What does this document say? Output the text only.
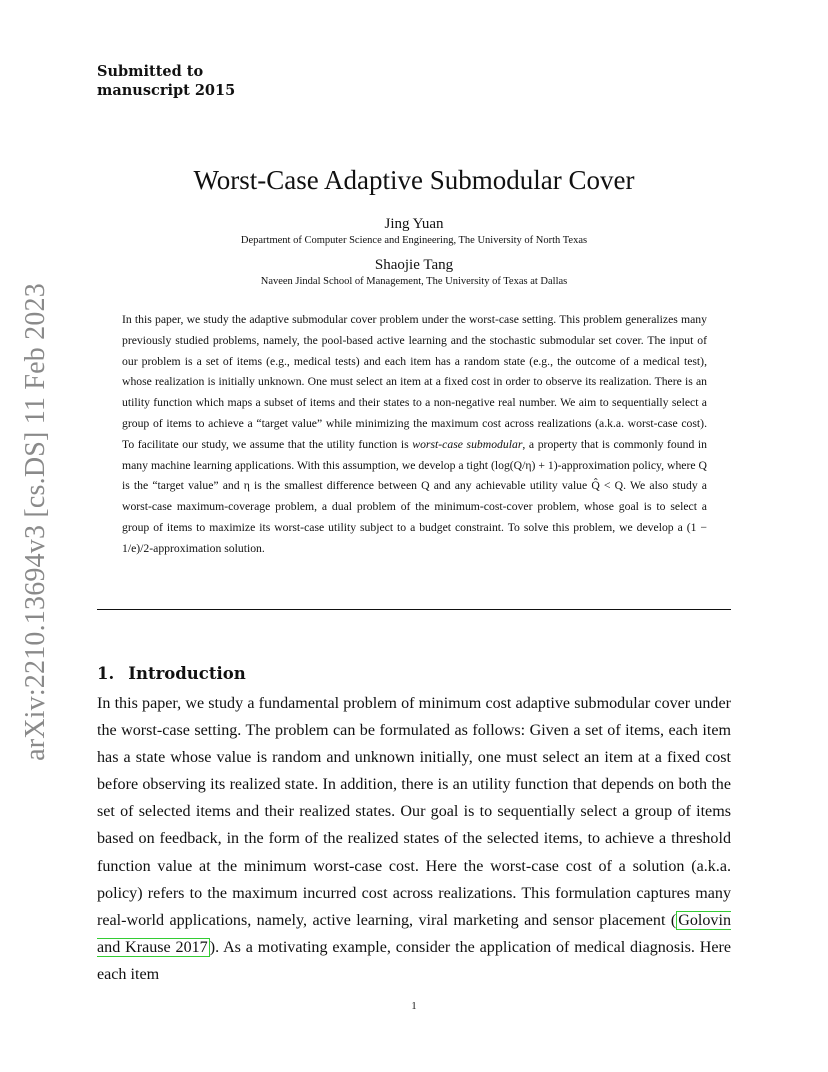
Submitted to
manuscript 2015
arXiv:2210.13694v3 [cs.DS] 11 Feb 2023
Worst-Case Adaptive Submodular Cover
Jing Yuan
Department of Computer Science and Engineering, The University of North Texas
Shaojie Tang
Naveen Jindal School of Management, The University of Texas at Dallas

In this paper, we study the adaptive submodular cover problem under the worst-case setting. This problem generalizes many previously studied problems, namely, the pool-based active learning and the stochastic submodular set cover. The input of our problem is a set of items (e.g., medical tests) and each item has a random state (e.g., the outcome of a medical test), whose realization is initially unknown. One must select an item at a fixed cost in order to observe its realization. There is an utility function which maps a subset of items and their states to a non-negative real number. We aim to sequentially select a group of items to achieve a “target value” while minimizing the maximum cost across realizations (a.k.a. worst-case cost). To facilitate our study, we assume that the utility function is worst-case submodular, a property that is commonly found in many machine learning applications. With this assumption, we develop a tight (log(Q/η) + 1)-approximation policy, where Q is the “target value” and η is the smallest difference between Q and any achievable utility value Q̂ < Q. We also study a worst-case maximum-coverage problem, a dual problem of the minimum-cost-cover problem, whose goal is to select a group of items to maximize its worst-case utility subject to a budget constraint. To solve this problem, we develop a (1 − 1/e)/2-approximation solution.

1. Introduction

In this paper, we study a fundamental problem of minimum cost adaptive submodular cover under the worst-case setting. The problem can be formulated as follows: Given a set of items, each item has a state whose value is random and unknown initially, one must select an item at a fixed cost before observing its realized state. In addition, there is an utility function that depends on both the set of selected items and their realized states. Our goal is to sequentially select a group of items based on feedback, in the form of the realized states of the selected items, to achieve a threshold function value at the minimum worst-case cost. Here the worst-case cost of a solution (a.k.a. policy) refers to the maximum incurred cost across realizations. This formulation captures many real-world applications, namely, active learning, viral marketing and sensor placement ( Golovin and Krause 2017 ). As a motivating example, consider the application of medical diagnosis. Here each item

1
